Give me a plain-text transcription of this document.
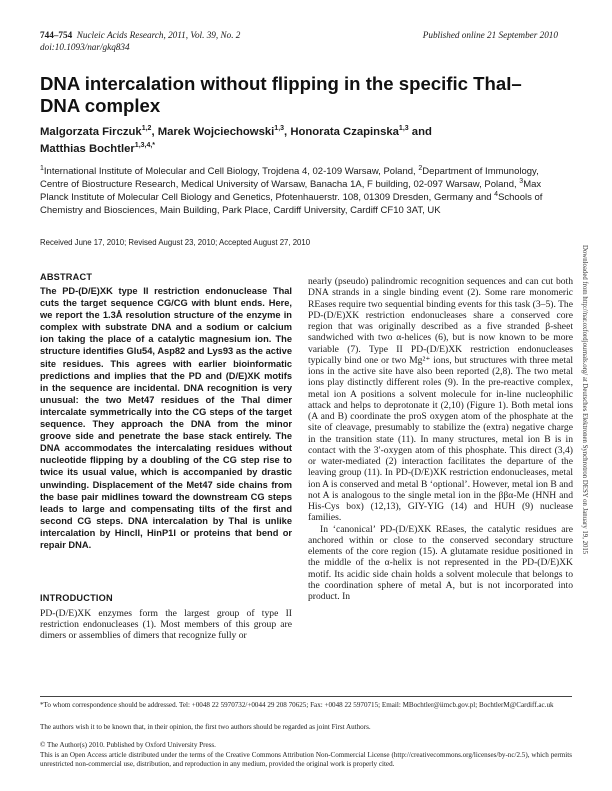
744–754 Nucleic Acids Research, 2011, Vol. 39, No. 2
doi:10.1093/nar/gkq834
Published online 21 September 2010
DNA intercalation without flipping in the specific ThaI–DNA complex

Malgorzata Firczuk$^{1,2}$, Marek Wojciechowski$^{1,3}$, Honorata Czapinska$^{1,3}$ and
Matthias Bochtler$^{1,3,4,*}$

$^1$International Institute of Molecular and Cell Biology, Trojdena 4, 02-109 Warsaw, Poland, $^2$Department of Immunology, Centre of Biostructure Research, Medical University of Warsaw, Banacha 1A, F building, 02-097 Warsaw, Poland, $^3$Max Planck Institute of Molecular Cell Biology and Genetics, Pfotenhauerstr. 108, 01309 Dresden, Germany and $^4$Schools of Chemistry and Biosciences, Main Building, Park Place, Cardiff University, Cardiff CF10 3AT, UK

Received June 17, 2010; Revised August 23, 2010; Accepted August 27, 2010
Downloaded from http://nar.oxfordjournals.org/ at Deutsches Elektronen Synchrotron DESY on January 19, 2015
ABSTRACT

The PD-(D/E)XK type II restriction endonuclease ThaI cuts the target sequence CG/CG with blunt ends. Here, we report the 1.3Å resolution structure of the enzyme in complex with substrate DNA and a sodium or calcium ion taking the place of a catalytic magnesium ion. The structure identifies Glu54, Asp82 and Lys93 as the active site residues. This agrees with earlier bioinformatic predictions and implies that the PD and (D/E)XK motifs in the sequence are incidental. DNA recognition is very unusual: the two Met47 residues of the ThaI dimer intercalate symmetrically into the CG steps of the target sequence. They approach the DNA from the minor groove side and penetrate the base stack entirely. The DNA accommodates the intercalating residues without nucleotide flipping by a doubling of the CG step rise to twice its usual value, which is accompanied by drastic unwinding. Displacement of the Met47 side chains from the base pair midlines toward the downstream CG steps leads to large and compensating tilts of the first and second CG steps. DNA intercalation by ThaI is unlike intercalation by HincII, HinP1I or proteins that bend or repair DNA.

INTRODUCTION

PD-(D/E)XK enzymes form the largest group of type II restriction endonucleases (1). Most members of this group are dimers or assemblies of dimers that recognize fully or

nearly (pseudo) palindromic recognition sequences and can cut both DNA strands in a single binding event (2). Some rare monomeric REases require two sequential binding events for this task (3–5). The PD-(D/E)XK restriction endonucleases share a conserved core region that was originally described as a five stranded β-sheet sandwiched with two α-helices (6), but is now known to be more variable (7). Type II PD-(D/E)XK restriction endonucleases typically bind one or two Mg²⁺ ions, but structures with three metal ions in the active site have also been reported (2,8). The two metal ions play distinctly different roles (9). In the pre-reactive complex, metal ion A positions a solvent molecule for in-line nucleophilic attack and helps to deprotonate it (2,10) (Figure 1). Both metal ions (A and B) coordinate the proS oxygen atom of the phosphate at the site of cleavage, presumably to stabilize the (extra) negative charge in the transition state (11). In many structures, metal ion B is in contact with the 3′-oxygen atom of this phosphate. This direct (3,4) or water-mediated (2) interaction facilitates the departure of the leaving group (11). In PD-(D/E)XK restriction endonucleases, metal ion A is conserved and metal B ‘optional’. However, metal ion B and not A is analogous to the single metal ion in the ββα-Me (HNH and His-Cys box) (12,13), GIY-YIG (14) and HUH (9) nuclease families.

In ‘canonical’ PD-(D/E)XK REases, the catalytic residues are anchored within or close to the conserved secondary structure elements of the core region (15). A glutamate residue positioned in the middle of the α-helix is not represented in the PD-(D/E)XK motif. Its acidic side chain holds a solvent molecule that belongs to the coordination sphere of metal A, but is not incorporated into product. In

*To whom correspondence should be addressed. Tel: +0048 22 5970732/+0044 29 208 70625; Fax: +0048 22 5970715; Email: MBochtler@iimcb.gov.pl; BochtlerM@Cardiff.ac.uk

The authors wish it to be known that, in their opinion, the first two authors should be regarded as joint First Authors.

© The Author(s) 2010. Published by Oxford University Press.

This is an Open Access article distributed under the terms of the Creative Commons Attribution Non-Commercial License (http://creativecommons.org/licenses/by-nc/2.5), which permits unrestricted non-commercial use, distribution, and reproduction in any medium, provided the original work is properly cited.
